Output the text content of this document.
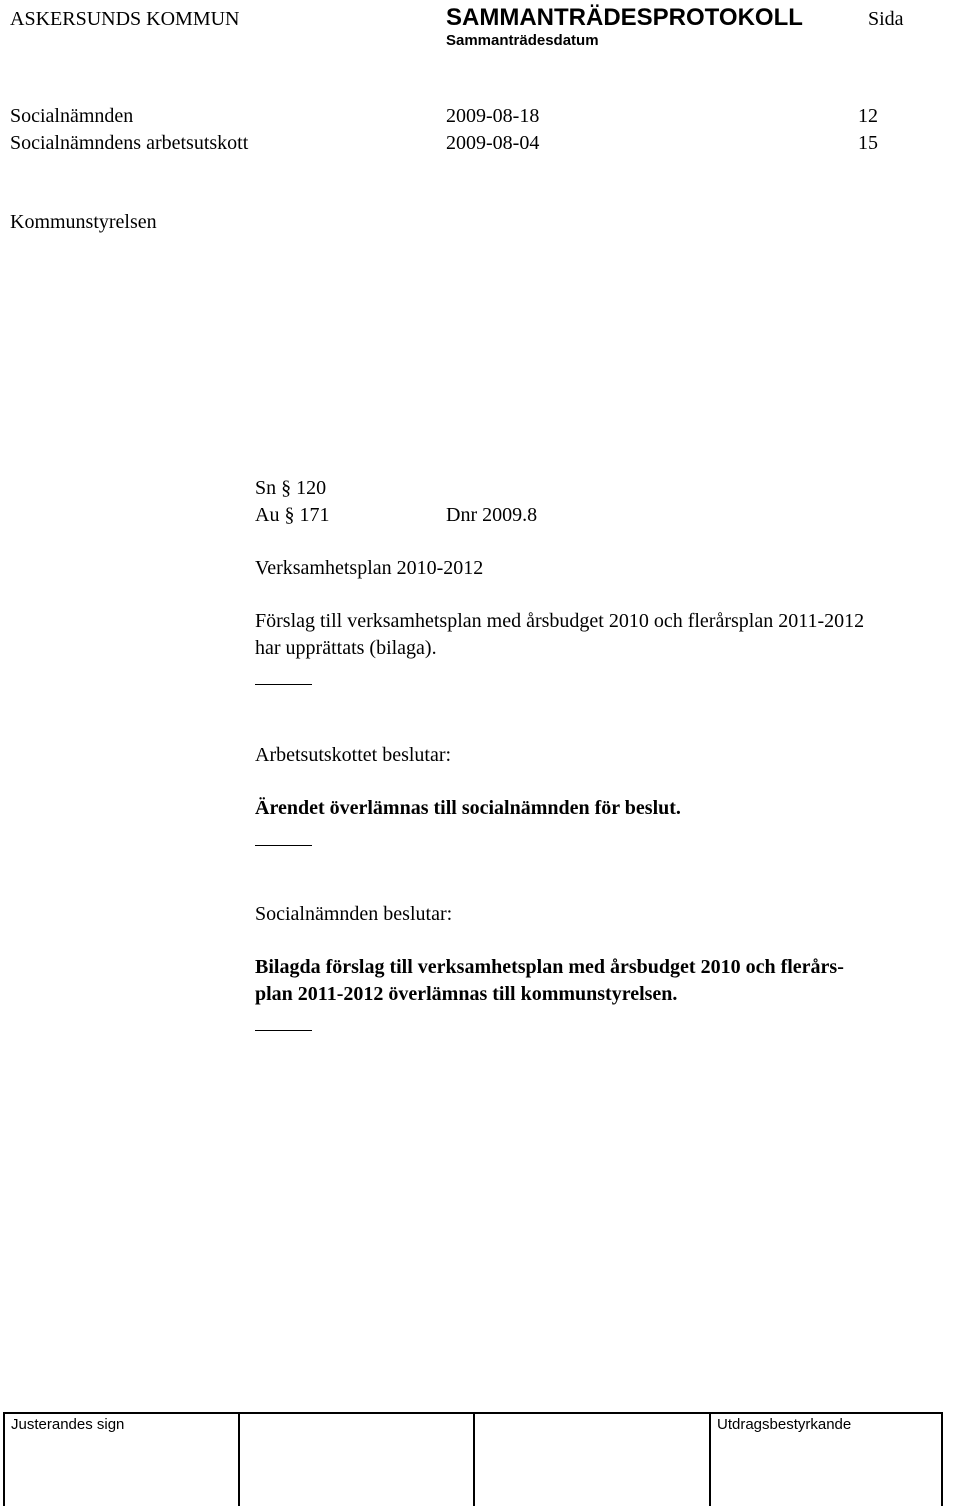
ASKERSUNDS KOMMUN	SAMMANTRÄDESPROTOKOLL	Sida
Sammanträdesdatum
Socialnämnden	2009-08-18	12
Socialnämndens arbetsutskott	2009-08-04	15
Kommunstyrelsen
Sn § 120
Au § 171	Dnr 2009.8
Verksamhetsplan 2010-2012
Förslag till verksamhetsplan med årsbudget 2010 och flerårsplan 2011-2012
har upprättats (bilaga).
Arbetsutskottet beslutar:
Ärendet överlämnas till socialnämnden för beslut.
Socialnämnden beslutar:
Bilagda förslag till verksamhetsplan med årsbudget 2010 och flerårs-
plan 2011-2012 överlämnas till kommunstyrelsen.
Justerandes sign	Utdragsbestyrkande
